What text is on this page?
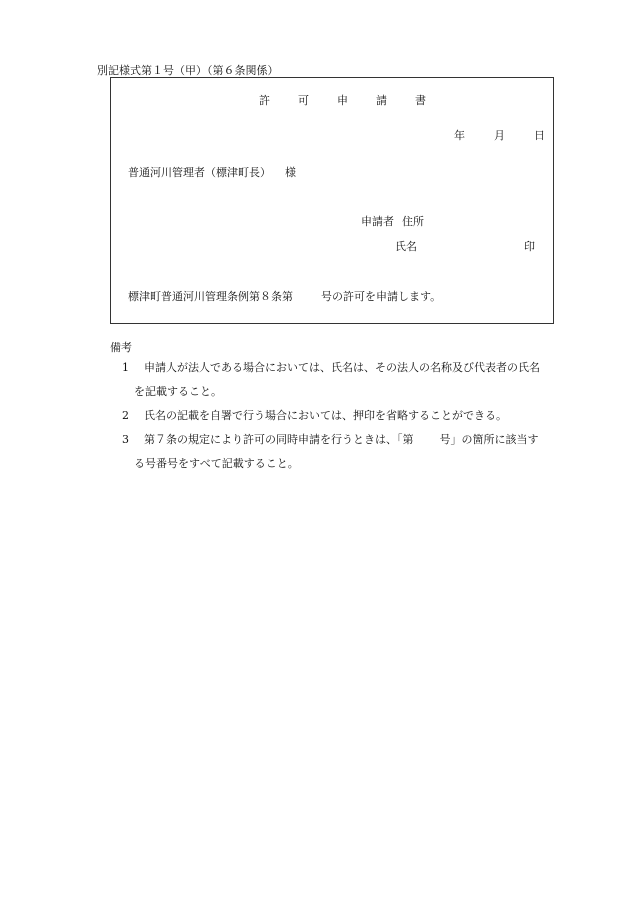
別記様式第１号（甲）（第６条関係）
許	可	申	請	書
年	月	日
普通河川管理者（標津町長） 様
申請者 住所
氏名	印
標津町普通河川管理条例第８条第	号の許可を申請します。
備考
1 申請人が法人である場合においては、氏名は、その法人の名称及び代表者の氏名
を記載すること。
2 氏名の記載を自署で行う場合においては、押印を省略することができる。
3 第７条の規定により許可の同時申請を行うときは、「第 号」の箇所に該当す
る号番号をすべて記載すること。
